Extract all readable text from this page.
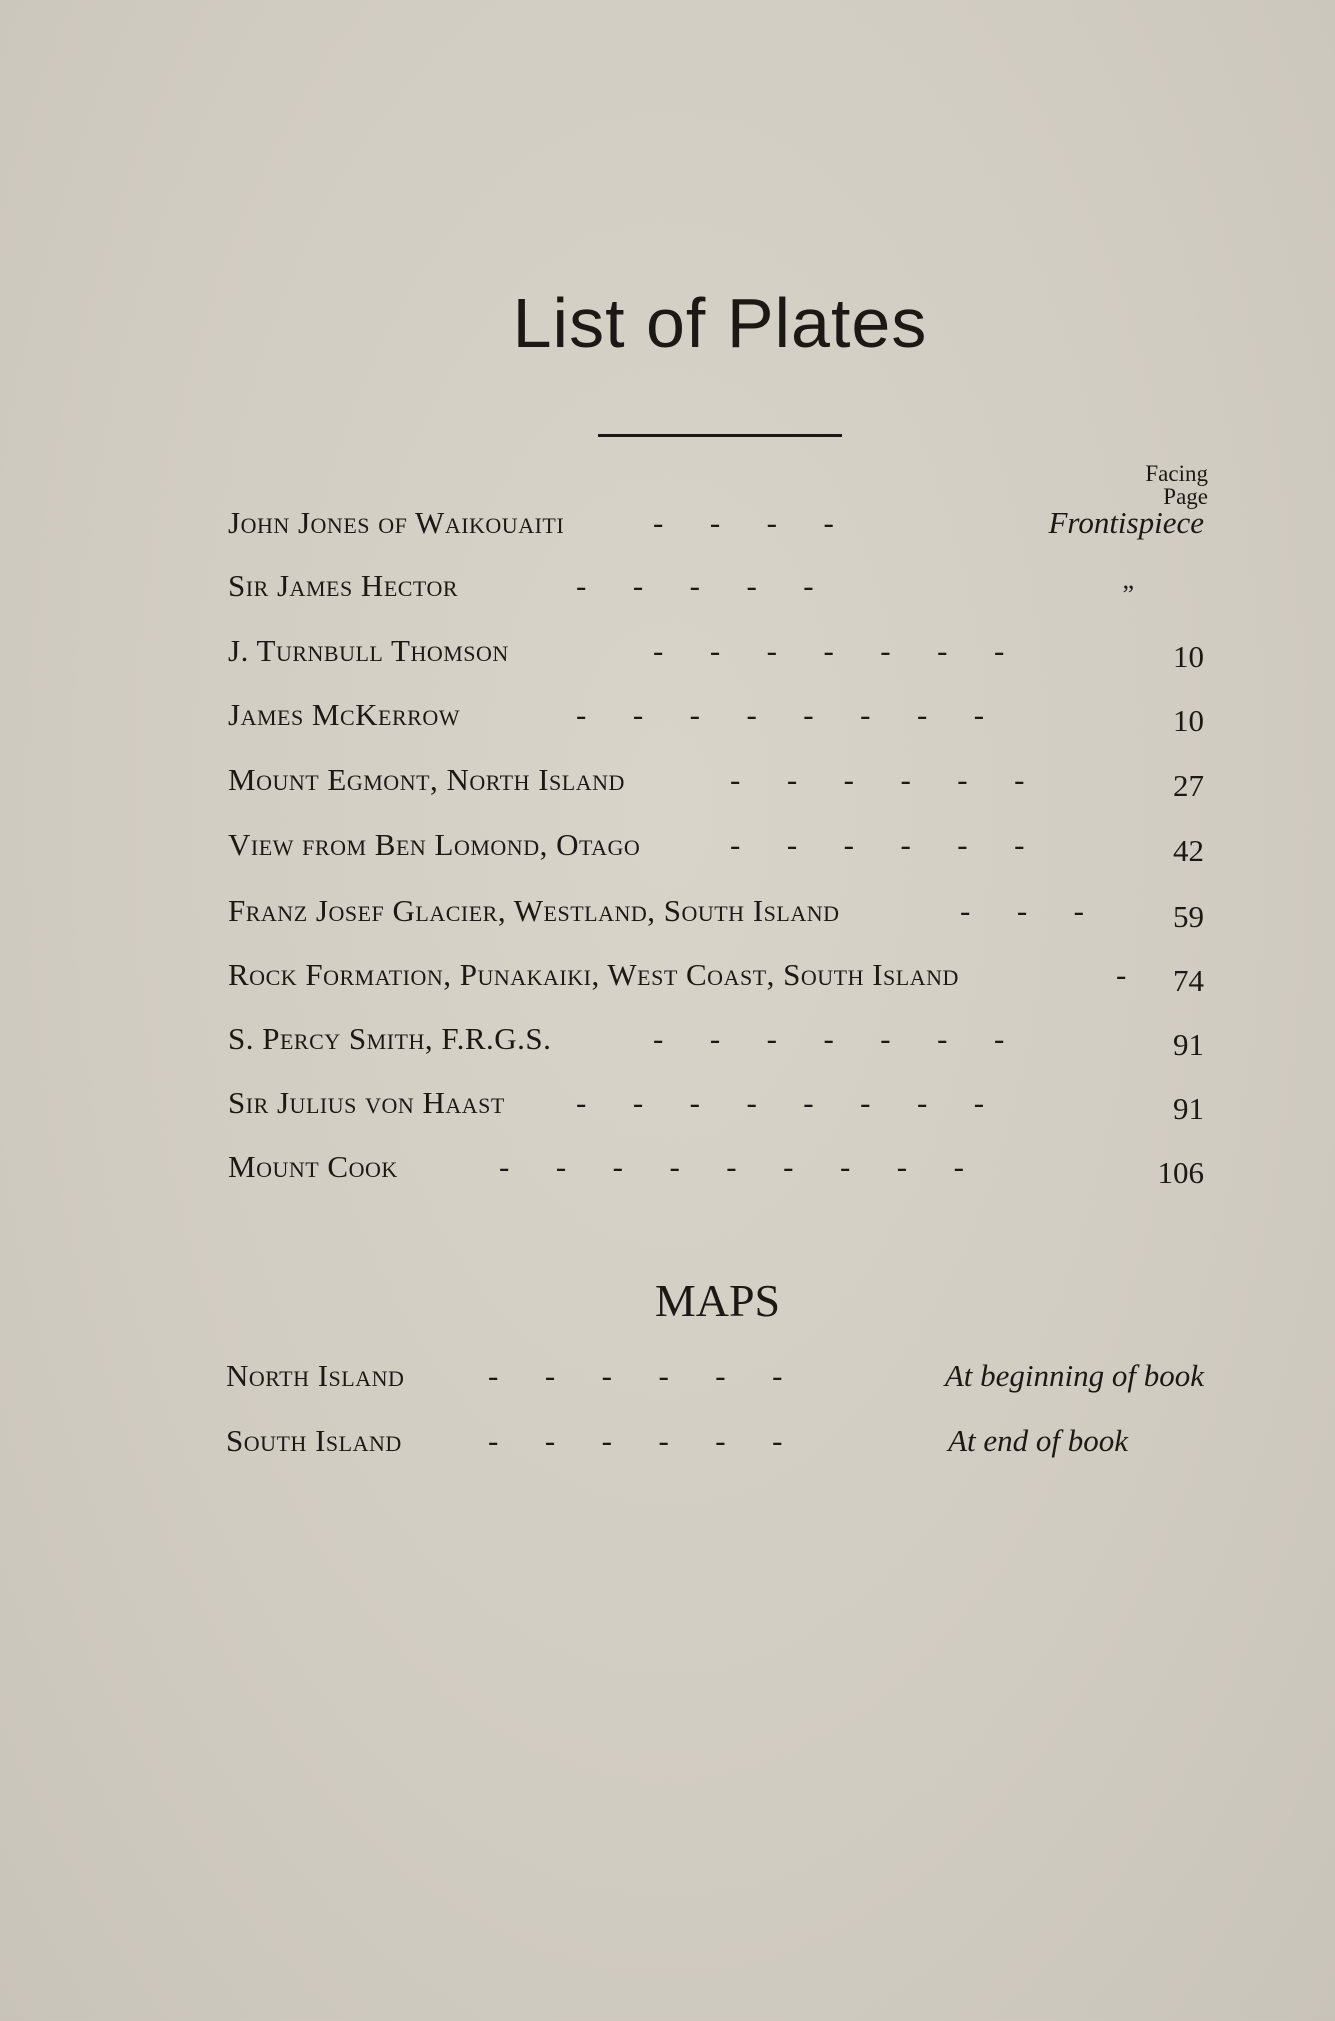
List of Plates
Facing
Page
John Jones of Waikouaiti	-      -      -      -	Frontispiece
Sir James Hector	-      -      -      -      -	”
J. Turnbull Thomson	-      -      -      -      -      -      -	10
James McKerrow	-      -      -      -      -      -      -      -	10
Mount Egmont, North Island	-      -      -      -      -      -	27
View from Ben Lomond, Otago	-      -      -      -      -      -	42
Franz Josef Glacier, Westland, South Island	-      -      -	59
Rock Formation, Punakaiki, West Coast, South Island	- 74
S. Percy Smith, F.R.G.S.	-      -      -      -      -      -      -	91
Sir Julius von Haast -      -      -      -      -      -      -      -	91
Mount Cook	-      -      -      -      -      -      -      -      -	106
MAPS
North Island	-      -      -      -      -      -	At beginning of book
South Island	-      -      -      -      -      -	At end of book
